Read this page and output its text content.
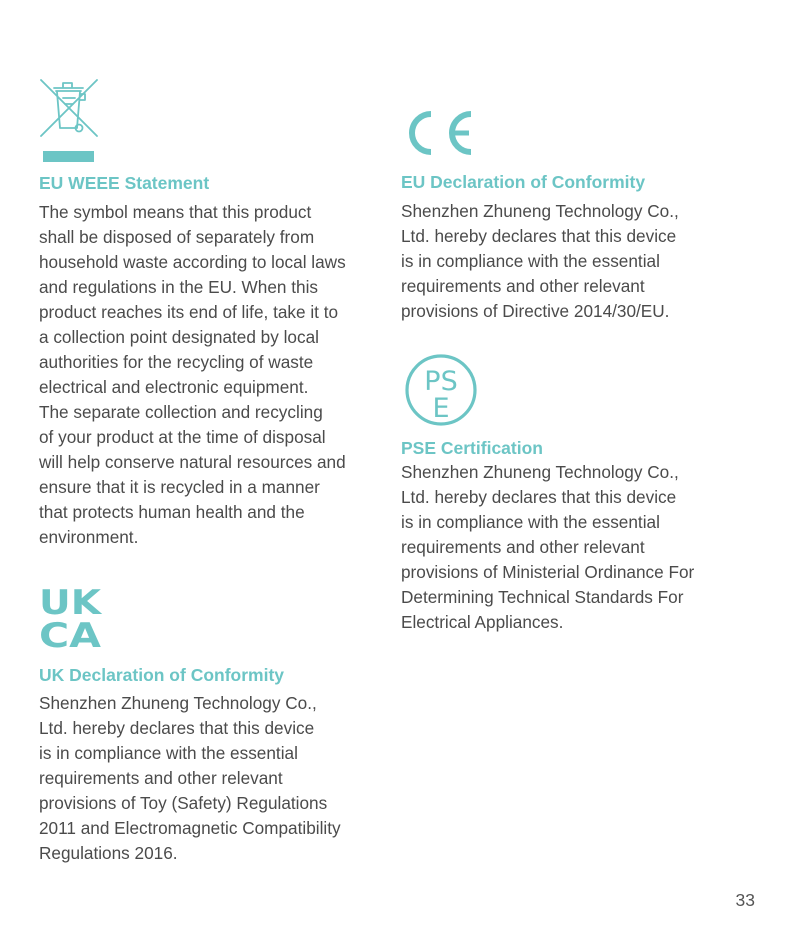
EU WEEE Statement

The symbol means that this product
shall be disposed of separately from
household waste according to local laws
and regulations in the EU. When this
product reaches its end of life, take it to
a collection point designated by local
authorities for the recycling of waste
electrical and electronic equipment.
The separate collection and recycling
of your product at the time of disposal
will help conserve natural resources and
ensure that it is recycled in a manner
that protects human health and the
environment.

UK
CA
UK Declaration of Conformity

Shenzhen Zhuneng Technology Co.,
Ltd. hereby declares that this device
is in compliance with the essential
requirements and other relevant
provisions of Toy (Safety) Regulations
2011 and Electromagnetic Compatibility
Regulations 2016.

CE
EU Declaration of Conformity

Shenzhen Zhuneng Technology Co.,
Ltd. hereby declares that this device
is in compliance with the essential
requirements and other relevant
provisions of Directive 2014/30/EU.

PS
E
PSE Certification

Shenzhen Zhuneng Technology Co.,
Ltd. hereby declares that this device
is in compliance with the essential
requirements and other relevant
provisions of Ministerial Ordinance For
Determining Technical Standards For
Electrical Appliances.

33
